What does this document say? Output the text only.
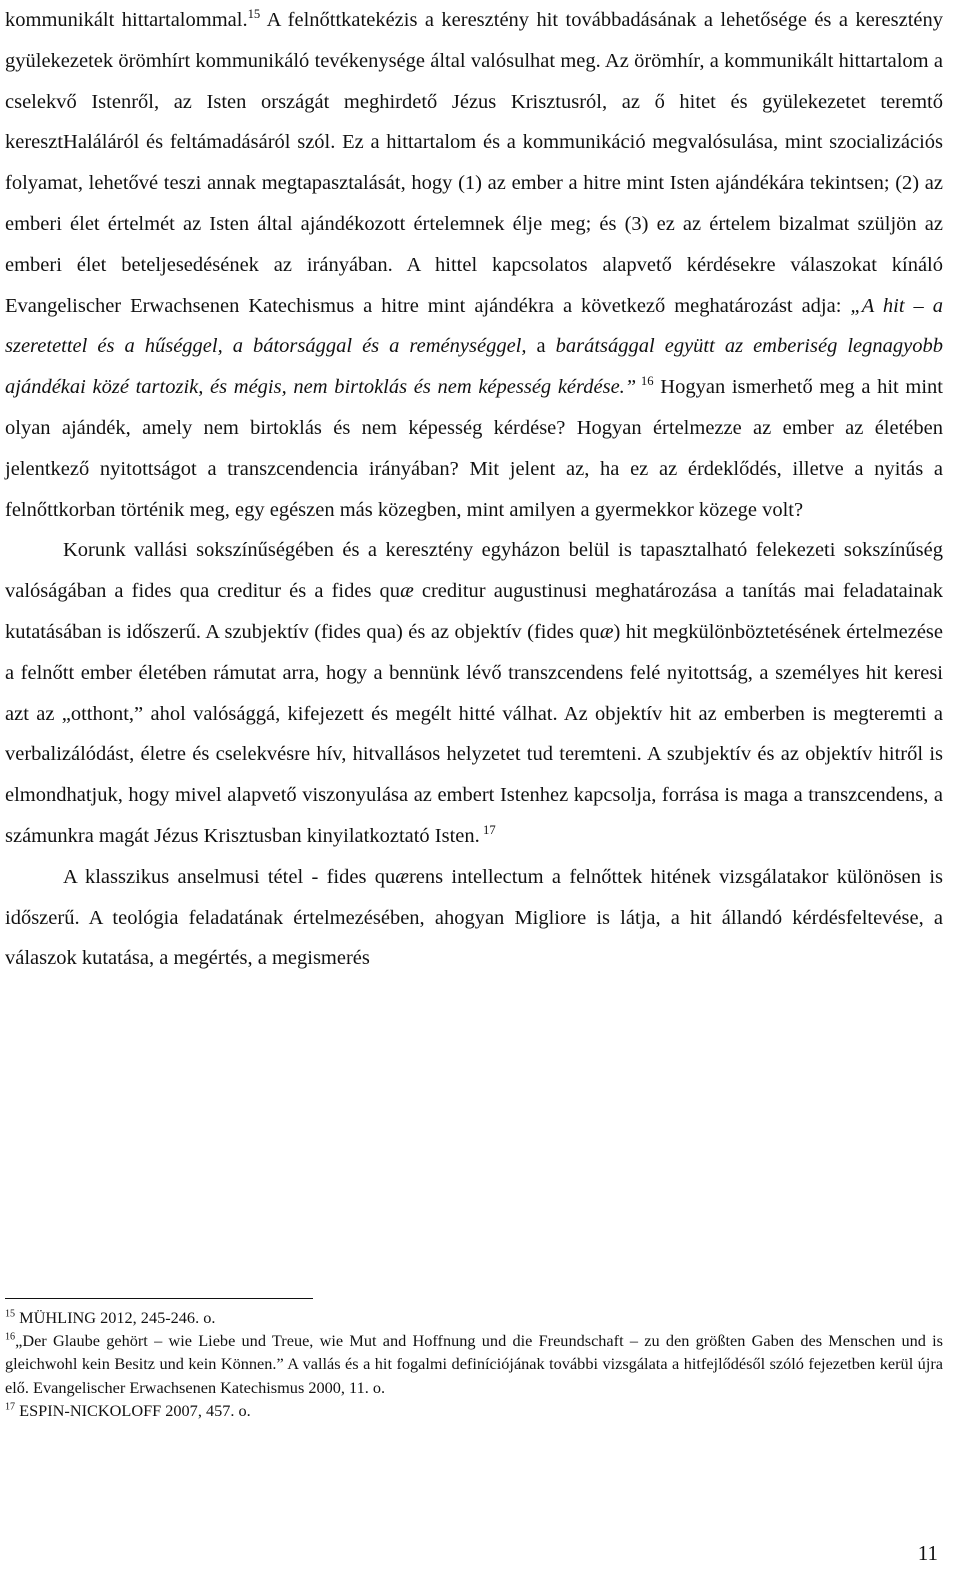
kommunikált hittartalommal.$^{15}$ A felnőttkatekézis a keresztény hit továbbadásának a lehetősége és a keresztény gyülekezetek örömhírt kommunikáló tevékenysége által valósulhat meg. Az örömhír, a kommunikált hittartalom a cselekvő Istenről, az Isten országát meghirdető Jézus Krisztusról, az ő hitet és gyülekezetet teremtő keresztHaláláról és feltámadásáról szól. Ez a hittartalom és a kommunikáció megvalósulása, mint szocializációs folyamat, lehetővé teszi annak megtapasztalását, hogy (1) az ember a hitre mint Isten ajándékára tekintsen; (2) az emberi élet értelmét az Isten által ajándékozott értelemnek élje meg; és (3) ez az értelem bizalmat szüljön az emberi élet beteljesedésének az irányában. A hittel kapcsolatos alapvető kérdésekre válaszokat kínáló Evangelischer Erwachsenen Katechismus a hitre mint ajándékra a következő meghatározást adja: „A hit – a szeretettel és a hűséggel, a bátorsággal és a reménységgel, a barátsággal együtt az emberiség legnagyobb ajándékai közé tartozik, és mégis, nem birtoklás és nem képesség kérdése.” $^{16}$ Hogyan ismerhető meg a hit mint olyan ajándék, amely nem birtoklás és nem képesség kérdése? Hogyan értelmezze az ember az életében jelentkező nyitottságot a transzcendencia irányában? Mit jelent az, ha ez az érdeklődés, illetve a nyitás a felnőttkorban történik meg, egy egészen más közegben, mint amilyen a gyermekkor közege volt?

Korunk vallási sokszínűségében és a keresztény egyházon belül is tapasztalható felekezeti sokszínűség valóságában a fides qua creditur és a fides quæ creditur augustinusi meghatározása a tanítás mai feladatainak kutatásában is időszerű. A szubjektív (fides qua) és az objektív (fides quæ) hit megkülönböztetésének értelmezése a felnőtt ember életében rámutat arra, hogy a bennünk lévő transzcendens felé nyitottság, a személyes hit keresi azt az „otthont,” ahol valósággá, kifejezett és megélt hitté válhat. Az objektív hit az emberben is megteremti a verbalizálódást, életre és cselekvésre hív, hitvallásos helyzetet tud teremteni. A szubjektív és az objektív hitről is elmondhatjuk, hogy mivel alapvető viszonyulása az embert Istenhez kapcsolja, forrása is maga a transzcendens, a számunkra magát Jézus Krisztusban kinyilatkoztató Isten. $^{17}$

A klasszikus anselmusi tétel - fides quærens intellectum a felnőttek hitének vizsgálatakor különösen is időszerű. A teológia feladatának értelmezésében, ahogyan Migliore is látja, a hit állandó kérdésfeltevése, a válaszok kutatása, a megértés, a megismerés

$^{15}$ MÜHLING 2012, 245-246. o.

$^{16}$„Der Glaube gehört – wie Liebe und Treue, wie Mut and Hoffnung und die Freundschaft – zu den größten Gaben des Menschen und is gleichwohl kein Besitz und kein Können.” A vallás és a hit fogalmi definíciójának további vizsgálata a hitfejlődésől szóló fejezetben kerül újra elő. Evangelischer Erwachsenen Katechismus 2000, 11. o.

$^{17}$ ESPIN-NICKOLOFF 2007, 457. o.

11
